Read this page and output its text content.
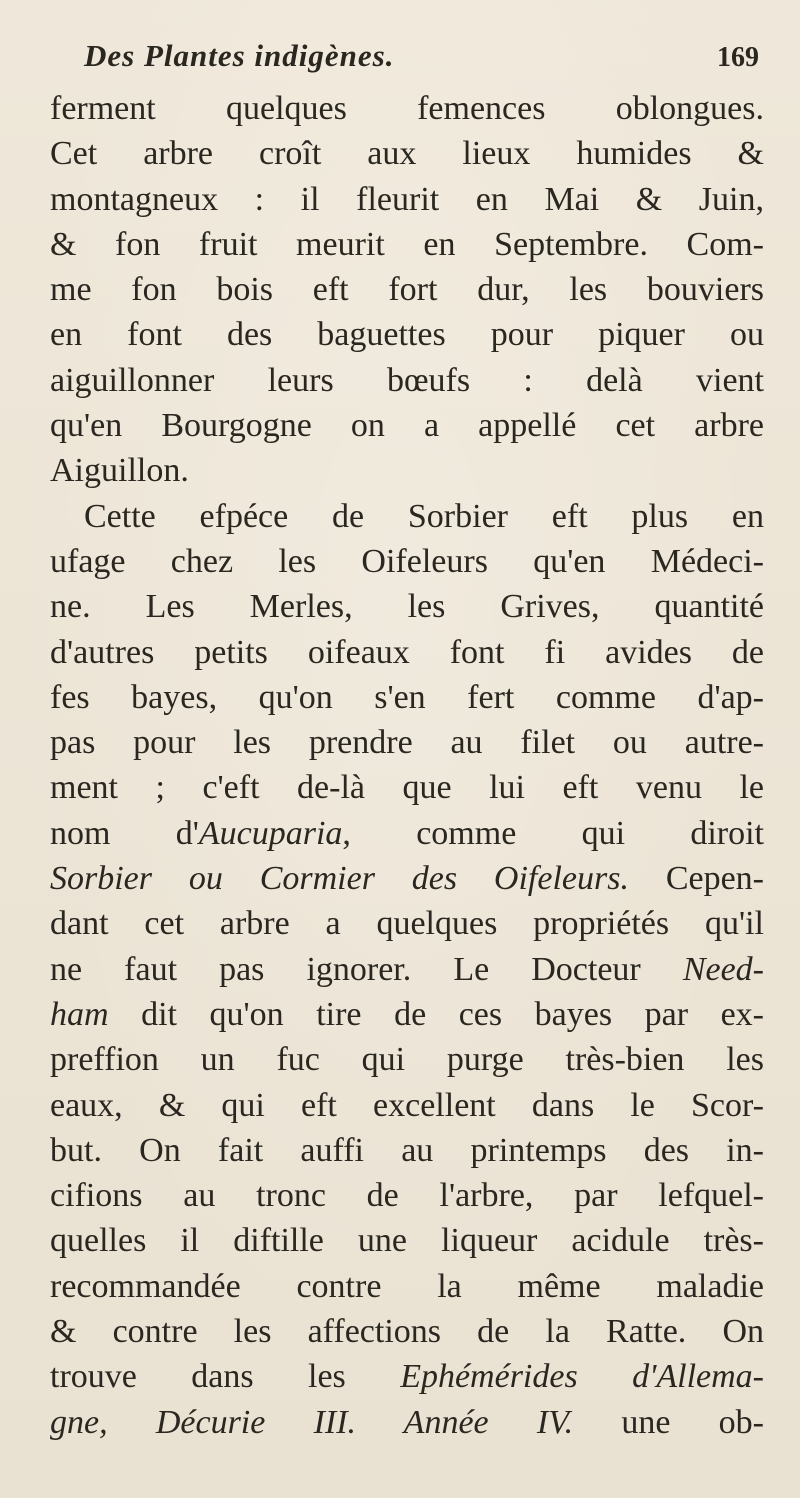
Des Plantes indigènes.	169
ferment quelques femences oblongues.
Cet arbre croît aux lieux humides &
montagneux : il fleurit en Mai & Juin,
& fon fruit meurit en Septembre. Com-
me fon bois eft fort dur, les bouviers
en font des baguettes pour piquer ou
aiguillonner leurs bœufs : delà vient
qu'en Bourgogne on a appellé cet arbre
Aiguillon.
Cette efpéce de Sorbier eft plus en
ufage chez les Oifeleurs qu'en Médeci-
ne. Les Merles, les Grives, quantité
d'autres petits oifeaux font fi avides de
fes bayes, qu'on s'en fert comme d'ap-
pas pour les prendre au filet ou autre-
ment ; c'eft de-là que lui eft venu le
nom d'Aucuparia, comme qui diroit
Sorbier ou Cormier des Oifeleurs. Cepen-
dant cet arbre a quelques propriétés qu'il
ne faut pas ignorer. Le Docteur Need-
ham dit qu'on tire de ces bayes par ex-
preffion un fuc qui purge très-bien les
eaux, & qui eft excellent dans le Scor-
but. On fait auffi au printemps des in-
cifions au tronc de l'arbre, par lefquel-
quelles il diftille une liqueur acidule très-
recommandée contre la même maladie
& contre les affections de la Ratte. On
trouve dans les Ephémérides d'Allema-
gne, Décurie III. Année IV. une ob-
